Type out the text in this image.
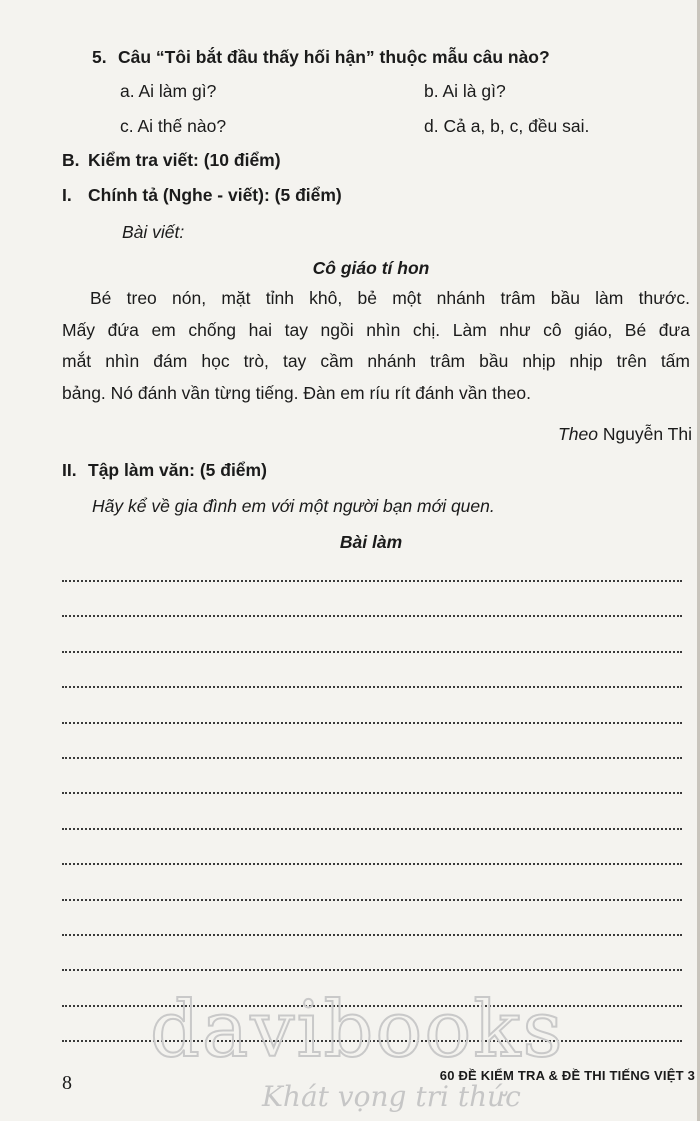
5. Câu “Tôi bắt đầu thấy hối hận” thuộc mẫu câu nào?
a. Ai làm gì?	b. Ai là gì?
c. Ai thế nào?	d. Cả a, b, c, đều sai.
B. Kiểm tra viết: (10 điểm)
I. Chính tả (Nghe - viết): (5 điểm)
Bài viết:
Cô giáo tí hon
Bé treo nón, mặt tỉnh khô, bẻ một nhánh trâm bầu làm thước.
Mấy đứa em chống hai tay ngồi nhìn chị. Làm như cô giáo, Bé đưa
mắt nhìn đám học trò, tay cầm nhánh trâm bầu nhịp nhịp trên tấm
bảng. Nó đánh vần từng tiếng. Đàn em ríu rít đánh vần theo.
Theo Nguyễn Thi
II. Tập làm văn: (5 điểm)
Hãy kể về gia đình em với một người bạn mới quen.
Bài làm
davibooks
Khát vọng tri thức
8	60 ĐỀ KIỂM TRA & ĐỀ THI TIẾNG VIỆT 3
